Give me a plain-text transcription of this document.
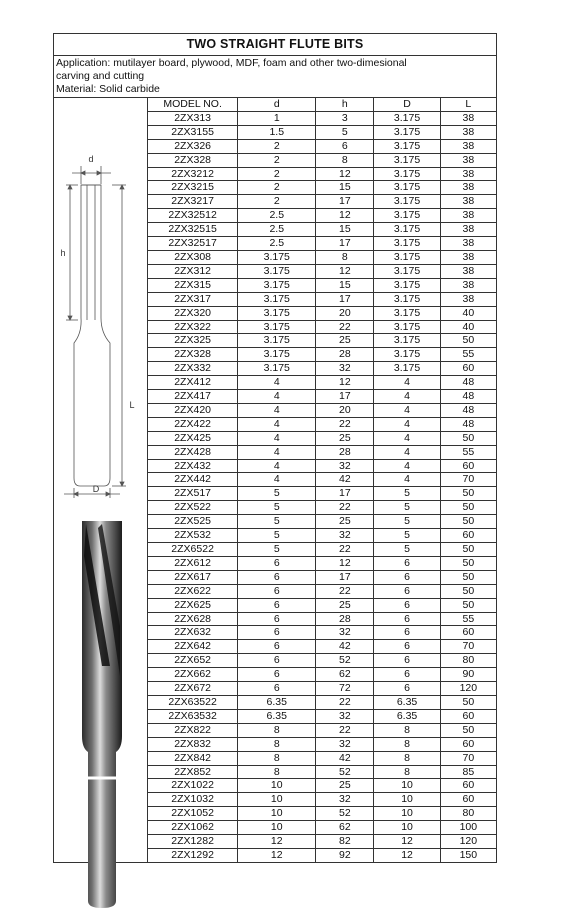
TWO STRAIGHT FLUTE BITS
Application: mutilayer board, plywood, MDF, foam and other two-dimesional
carving and cutting
Material: Solid carbide
d
h
L
D
MODEL NO.	d	h	D	L
2ZX313	1	3	3.175	38
2ZX3155	1.5	5	3.175	38
2ZX326	2	6	3.175	38
2ZX328	2	8	3.175	38
2ZX3212	2	12	3.175	38
2ZX3215	2	15	3.175	38
2ZX3217	2	17	3.175	38
2ZX32512	2.5	12	3.175	38
2ZX32515	2.5	15	3.175	38
2ZX32517	2.5	17	3.175	38
2ZX308	3.175	8	3.175	38
2ZX312	3.175	12	3.175	38
2ZX315	3.175	15	3.175	38
2ZX317	3.175	17	3.175	38
2ZX320	3.175	20	3.175	40
2ZX322	3.175	22	3.175	40
2ZX325	3.175	25	3.175	50
2ZX328	3.175	28	3.175	55
2ZX332	3.175	32	3.175	60
2ZX412	4	12	4	48
2ZX417	4	17	4	48
2ZX420	4	20	4	48
2ZX422	4	22	4	48
2ZX425	4	25	4	50
2ZX428	4	28	4	55
2ZX432	4	32	4	60
2ZX442	4	42	4	70
2ZX517	5	17	5	50
2ZX522	5	22	5	50
2ZX525	5	25	5	50
2ZX532	5	32	5	60
2ZX6522	5	22	5	50
2ZX612	6	12	6	50
2ZX617	6	17	6	50
2ZX622	6	22	6	50
2ZX625	6	25	6	50
2ZX628	6	28	6	55
2ZX632	6	32	6	60
2ZX642	6	42	6	70
2ZX652	6	52	6	80
2ZX662	6	62	6	90
2ZX672	6	72	6	120
2ZX63522	6.35	22	6.35	50
2ZX63532	6.35	32	6.35	60
2ZX822	8	22	8	50
2ZX832	8	32	8	60
2ZX842	8	42	8	70
2ZX852	8	52	8	85
2ZX1022	10	25	10	60
2ZX1032	10	32	10	60
2ZX1052	10	52	10	80
2ZX1062	10	62	10	100
2ZX1282	12	82	12	120
2ZX1292	12	92	12	150
